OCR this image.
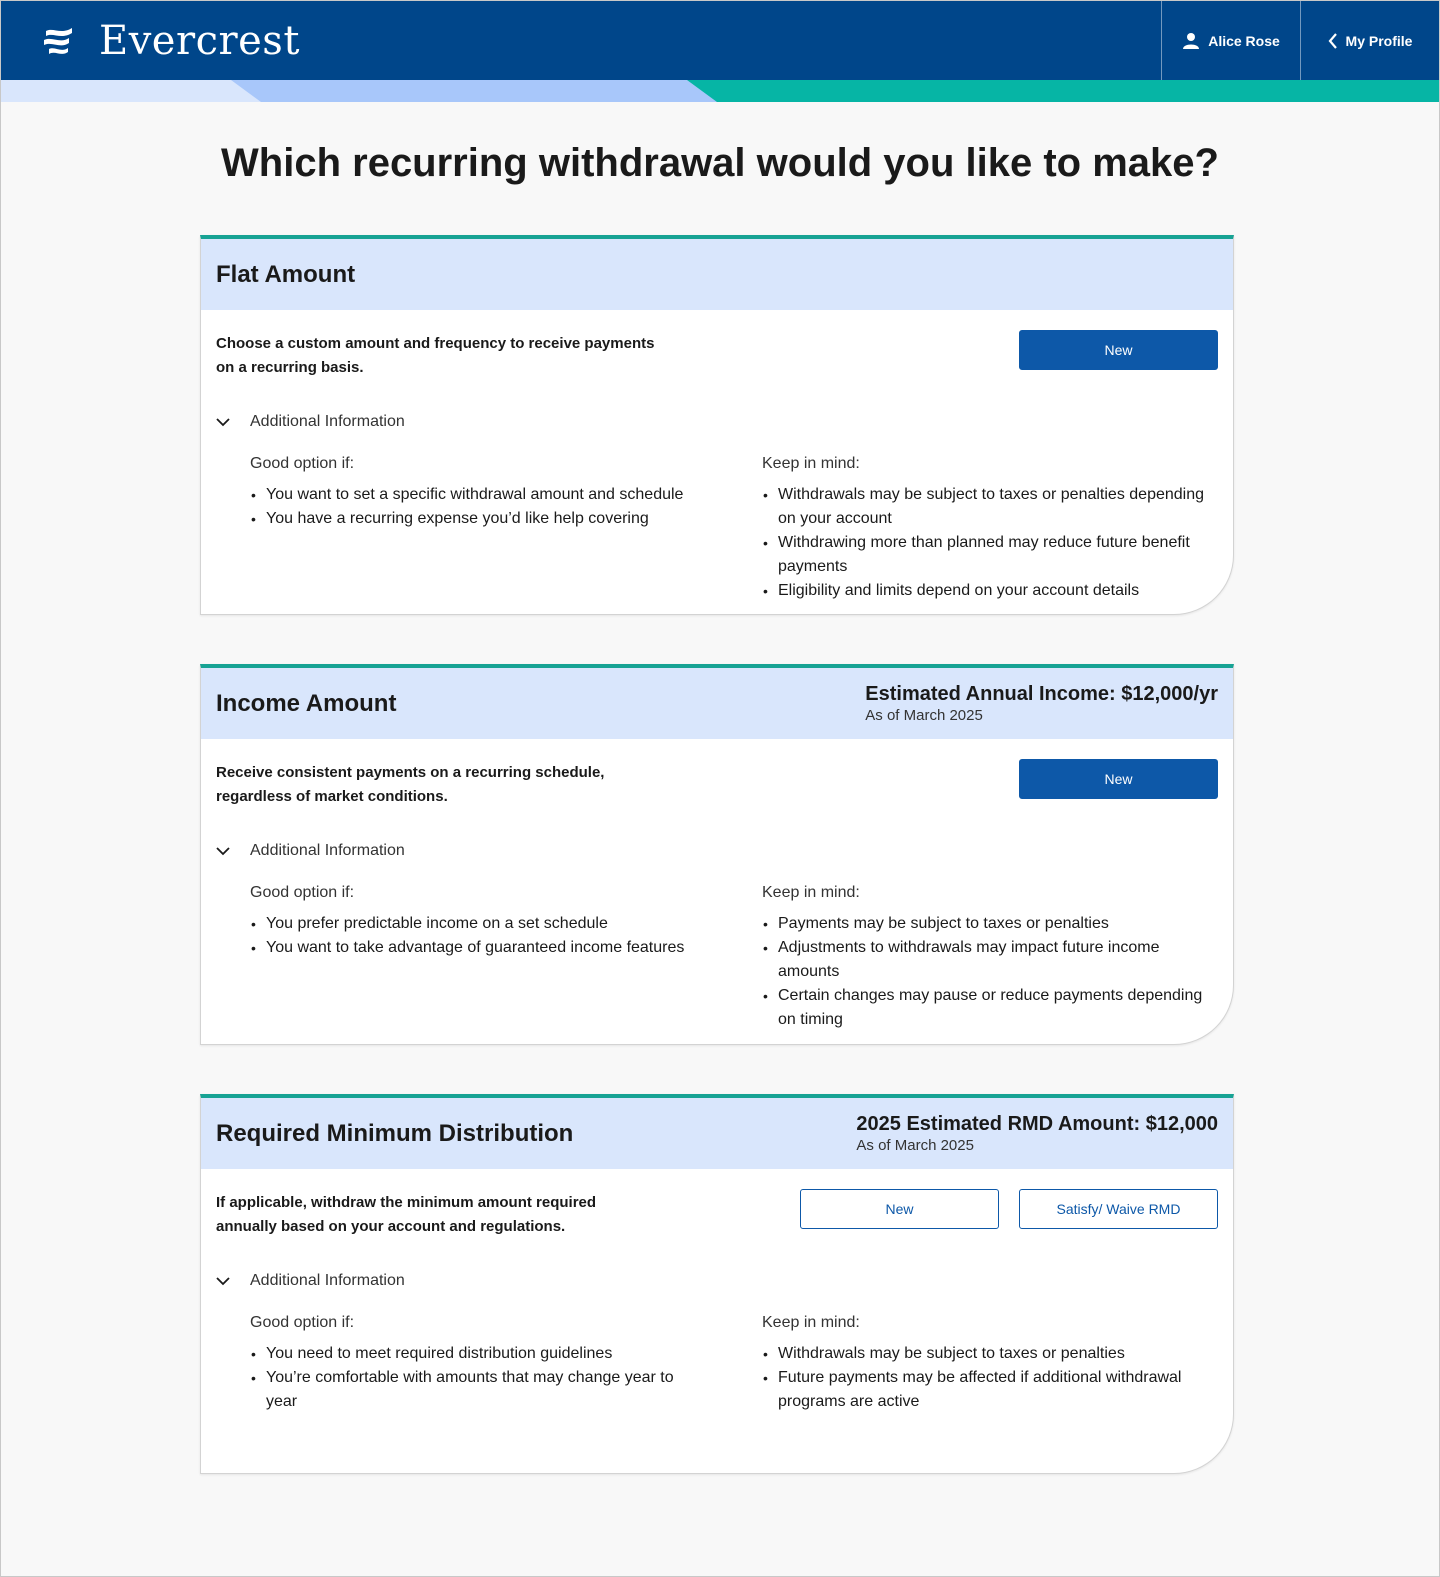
Evercrest	Alice Rose	My Profile
Which recurring withdrawal would you like to make?
Flat Amount

Choose a custom amount and frequency to receive payments on a recurring basis.

New
Additional Information
Good option if:
• You want to set a specific withdrawal amount and schedule
• You have a recurring expense you’d like help covering
Keep in mind:
• Withdrawals may be subject to taxes or penalties depending on your account
• Withdrawing more than planned may reduce future benefit payments
• Eligibility and limits depend on your account details
Income Amount	Estimated Annual Income: $12,000/yr
As of March 2025

Receive consistent payments on a recurring schedule, regardless of market conditions.

New
Additional Information
Good option if:
• You prefer predictable income on a set schedule
• You want to take advantage of guaranteed income features
Keep in mind:
• Payments may be subject to taxes or penalties
• Adjustments to withdrawals may impact future income amounts
• Certain changes may pause or reduce payments depending on timing
Required Minimum Distribution	2025 Estimated RMD Amount: $12,000
As of March 2025

If applicable, withdraw the minimum amount required annually based on your account and regulations.

New	Satisfy/ Waive RMD
Additional Information
Good option if:
• You need to meet required distribution guidelines
• You’re comfortable with amounts that may change year to year
Keep in mind:
• Withdrawals may be subject to taxes or penalties
• Future payments may be affected if additional withdrawal programs are active
